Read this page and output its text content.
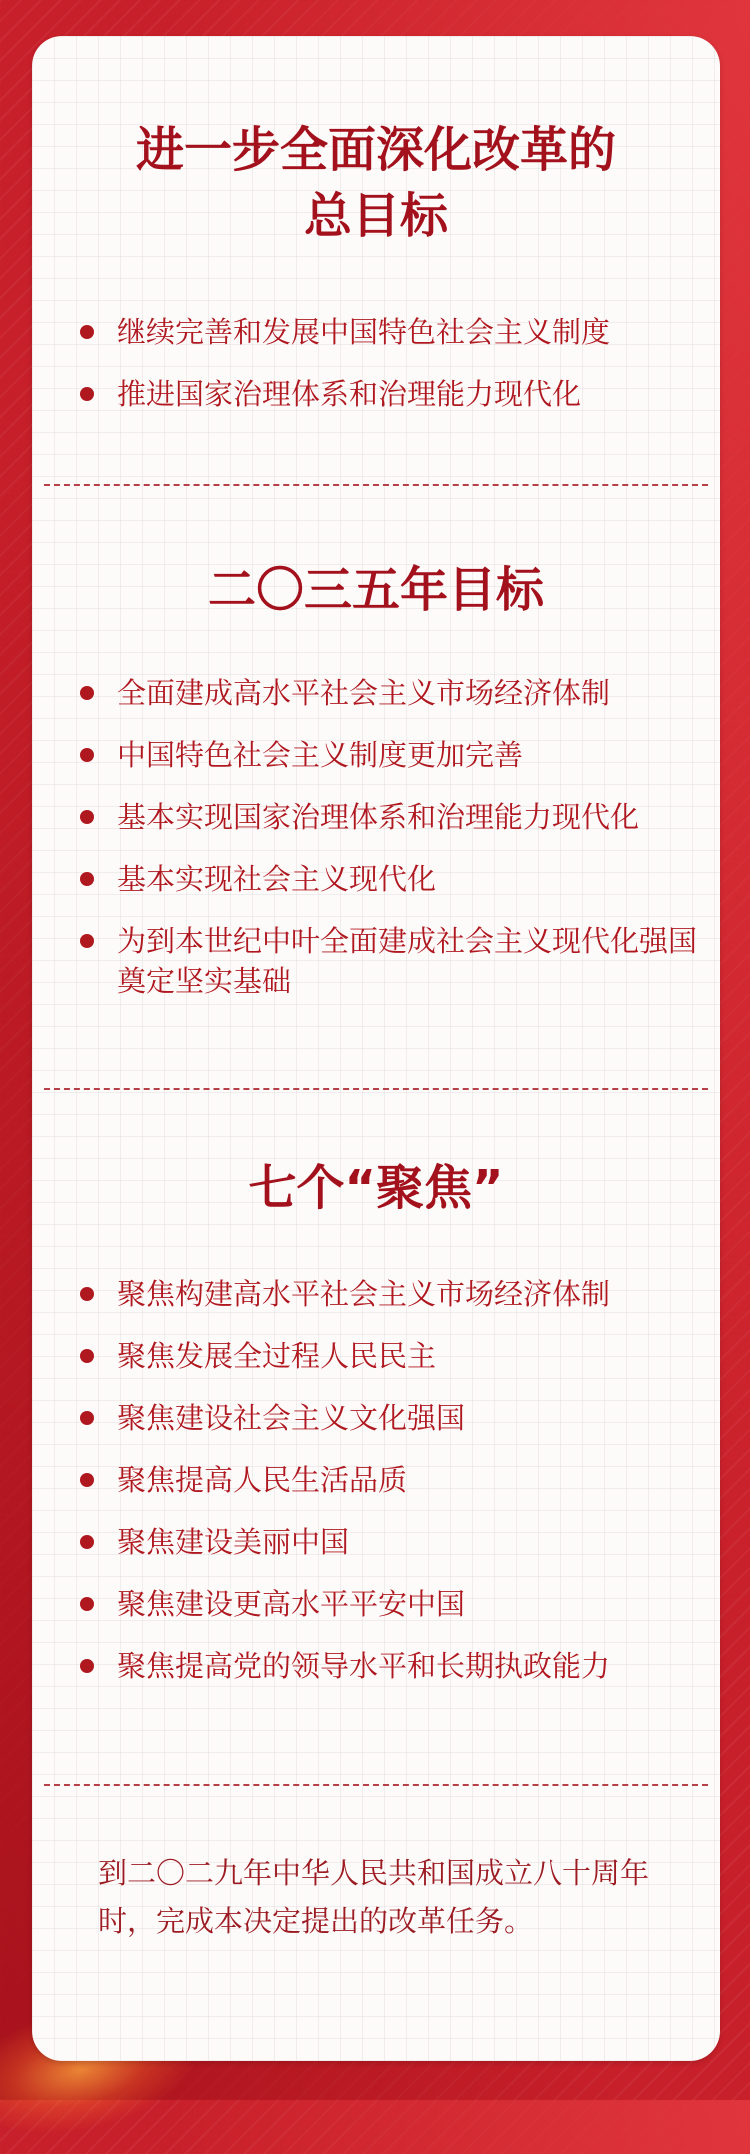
进一步全面深化改革的
总目标
继续完善和发展中国特色社会主义制度
推进国家治理体系和治理能力现代化
二〇三五年目标
全面建成高水平社会主义市场经济体制
中国特色社会主义制度更加完善
基本实现国家治理体系和治理能力现代化
基本实现社会主义现代化
为到本世纪中叶全面建成社会主义现代化强国奠定坚实基础
七个“聚焦”
聚焦构建高水平社会主义市场经济体制
聚焦发展全过程人民民主
聚焦建设社会主义文化强国
聚焦提高人民生活品质
聚焦建设美丽中国
聚焦建设更高水平平安中国
聚焦提高党的领导水平和长期执政能力
到二〇二九年中华人民共和国成立八十周年时，完成本决定提出的改革任务。
